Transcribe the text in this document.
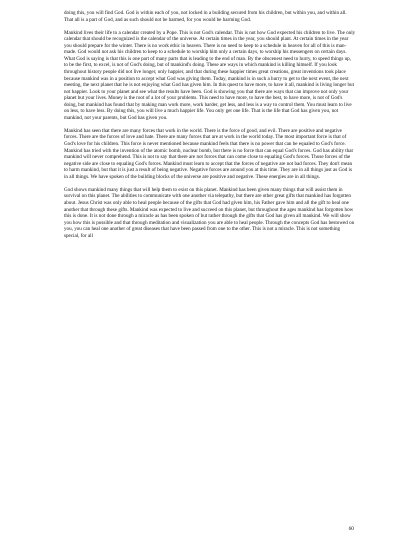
doing this, you will find God. God is within each of you, not locked in a building secured from his children, but within you, and within all. That all is a part of God, and as such should not be harmed, for you would be harming God.

Mankind lives their life to a calendar created by a Pope. This is not God's calendar. This is not how God expected his children to live. The only calendar that should be recognized is the calendar of the universe. At certain times in the year, you should plant. At certain times in the year you should prepare for the winter. There is no work ethic in heaven. There is no need to keep to a schedule in heaven for all of this is man-made. God would not ask his children to keep to a schedule to worship him only a certain days, to worship his messengers on certain days. What God is saying is that this is one part of many parts that is leading to the end of man. By the obscenest need to hurry, to speed things up, to be the first, to excel, is not of God's doing, but of mankind's doing. These are ways in which mankind is killing himself. If you look throughout history people did not live longer, only happier, and that during these happier times great creations, great inventions took place because mankind was in a position to accept what God was giving them. Today, mankind is in such a hurry to get to the next event, the next meeting, the next planet that he is not enjoying what God has given him. In this quest to have more, to have it all, mankind is living longer but not happier. Look to your planet and see what the results have been. God is showing you that there are ways that can improve not only your planet but your lives. Money is the root of a lot of your problems. This need to have more, to have the best, to have more, is not of God's doing, but mankind has found that by making man work more, work harder, get less, and less is a way to control them. You must learn to live on less, to have less. By doing this, you will live a much happier life. You only get one life. That is the life that God has given you, not mankind, not your parents, but God has given you.

Mankind has seen that there are many forces that work in the world. There is the force of good, and evil. There are positive and negative forces. There are the forces of love and hate. There are many forces that are at work in the world today. The most important force is that of God's love for his children. This force is never mentioned because mankind feels that there is no power that can be equaled to God's force. Mankind has tried with the invention of the atomic bomb, nuclear bomb, but there is no force that can equal God's forces. God has ability that mankind will never comprehend. This is not to say that there are not forces that can come close to equaling God's forces. Those forces of the negative side are close to equaling God's forces. Mankind must learn to accept that the forces of negative are not bad forces. They don't mean to harm mankind, but that it is just a result of being negative. Negative forces are around you at this time. They are in all things just as God is in all things. We have spoken of the building blocks of the universe are positive and negative. These energies are in all things.

God shows mankind many things that will help them to exist on this planet. Mankind has been given many things that will assist them in survival on this planet. The abilities to communicate with one another via telepathy, but there are other great gifts that mankind has forgotten about. Jesus Christ was only able to heal people because of the gifts that God had given him, his Father gave him and all the gift to heal one another that through these gifts. Mankind was expected to live and succeed on this planet, but throughout the ages mankind has forgotten how this is done. It is not done through a miracle as has been spoken of but rather through the gifts that God has given all mankind. We will show you how this is possible and that through meditation and visualization you are able to heal people. Through the concepts God has bestowed on you, you can heal one another of great diseases that have been passed from one to the other. This is not a miracle. This is not something special, for all

60
